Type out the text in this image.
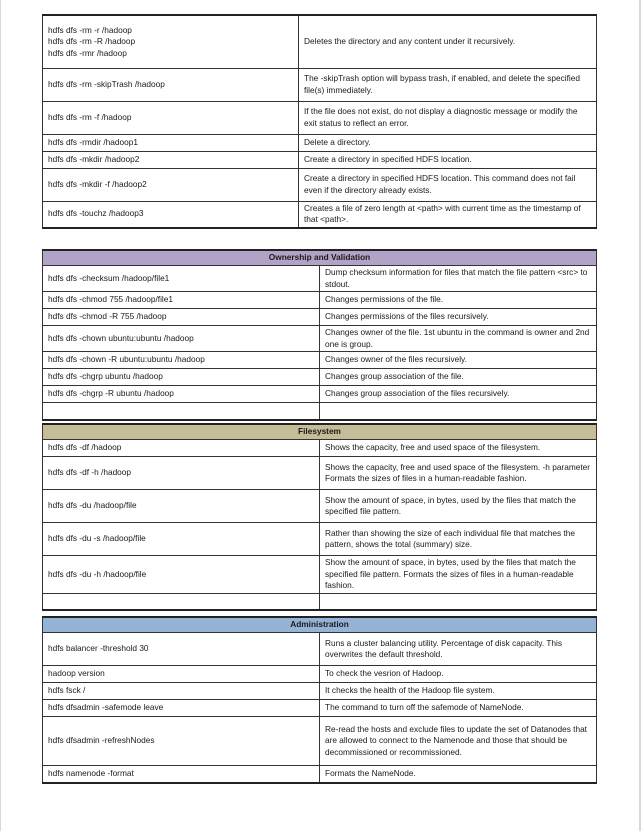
hdfs dfs -rm -r /hadoop
hdfs dfs -rm -R /hadoop
hdfs dfs -rmr /hadoop	Deletes the directory and any content under it recursively.

hdfs dfs -rm -skipTrash /hadoop	The -skipTrash option will bypass trash, if enabled, and delete the specified file(s) immediately.

hdfs dfs -rm -f /hadoop	If the file does not exist, do not display a diagnostic message or modify the exit status to reflect an error.

hdfs dfs -rmdir /hadoop1	Delete a directory.

hdfs dfs -mkdir /hadoop2	Create a directory in specified HDFS location.

hdfs dfs -mkdir -f /hadoop2	Create a directory in specified HDFS location. This command does not fail even if the directory already exists.

hdfs dfs -touchz /hadoop3	Creates a file of zero length at <path> with current time as the timestamp of that <path>.
Ownership and Validation	

hdfs dfs -checksum /hadoop/file1	Dump checksum information for files that match the file pattern <src> to stdout.

hdfs dfs -chmod 755 /hadoop/file1	Changes permissions of the file.

hdfs dfs -chmod -R 755 /hadoop	Changes permissions of the files recursively.

hdfs dfs -chown ubuntu:ubuntu /hadoop	Changes owner of the file. 1st ubuntu in the command is owner and 2nd one is group.

hdfs dfs -chown -R ubuntu:ubuntu /hadoop	Changes owner of the files recursively.

hdfs dfs -chgrp ubuntu /hadoop	Changes group association of the file.

hdfs dfs -chgrp -R ubuntu /hadoop	Changes group association of the files recursively.

Filesystem	

hdfs dfs -df /hadoop	Shows the capacity, free and used space of the filesystem.

hdfs dfs -df -h /hadoop	Shows the capacity, free and used space of the filesystem. -h parameter Formats the sizes of files in a human-readable fashion.

hdfs dfs -du /hadoop/file	Show the amount of space, in bytes, used by the files that match the specified file pattern.

hdfs dfs -du -s /hadoop/file	Rather than showing the size of each individual file that matches the pattern, shows the total (summary) size.

hdfs dfs -du -h /hadoop/file	Show the amount of space, in bytes, used by the files that match the specified file pattern. Formats the sizes of files in a human-readable fashion.

Administration	

hdfs balancer -threshold 30	Runs a cluster balancing utility. Percentage of disk capacity. This overwrites the default threshold.

hadoop version	To check the vesrion of Hadoop.

hdfs fsck /	It checks the health of the Hadoop file system.

hdfs dfsadmin -safemode leave	The command to turn off the safemode of NameNode.

hdfs dfsadmin -refreshNodes	Re-read the hosts and exclude files to update the set of Datanodes that are allowed to connect to the Namenode and those that should be decommissioned or recommissioned.

hdfs namenode -format	Formats the NameNode.
